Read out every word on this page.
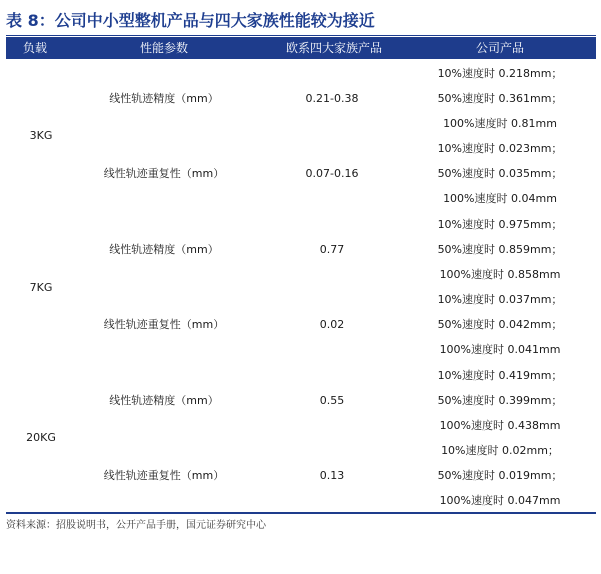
表 8：公司中小型整机产品与四大家族性能较为接近
负载	性能参数	欧系四大家族产品	公司产品
3KG
线性轨迹精度（mm）	0.21-0.38
10%速度时 0.218mm；
50%速度时 0.361mm；
100%速度时 0.81mm
线性轨迹重复性（mm）	0.07-0.16
10%速度时 0.023mm；
50%速度时 0.035mm；
100%速度时 0.04mm
7KG
线性轨迹精度（mm）	0.77
10%速度时 0.975mm；
50%速度时 0.859mm；
100%速度时 0.858mm
线性轨迹重复性（mm）	0.02
10%速度时 0.037mm；
50%速度时 0.042mm；
100%速度时 0.041mm
20KG
线性轨迹精度（mm）	0.55
10%速度时 0.419mm；
50%速度时 0.399mm；
100%速度时 0.438mm
线性轨迹重复性（mm）	0.13
10%速度时 0.02mm；
50%速度时 0.019mm；
100%速度时 0.047mm
资料来源：招股说明书，公开产品手册，国元证券研究中心
